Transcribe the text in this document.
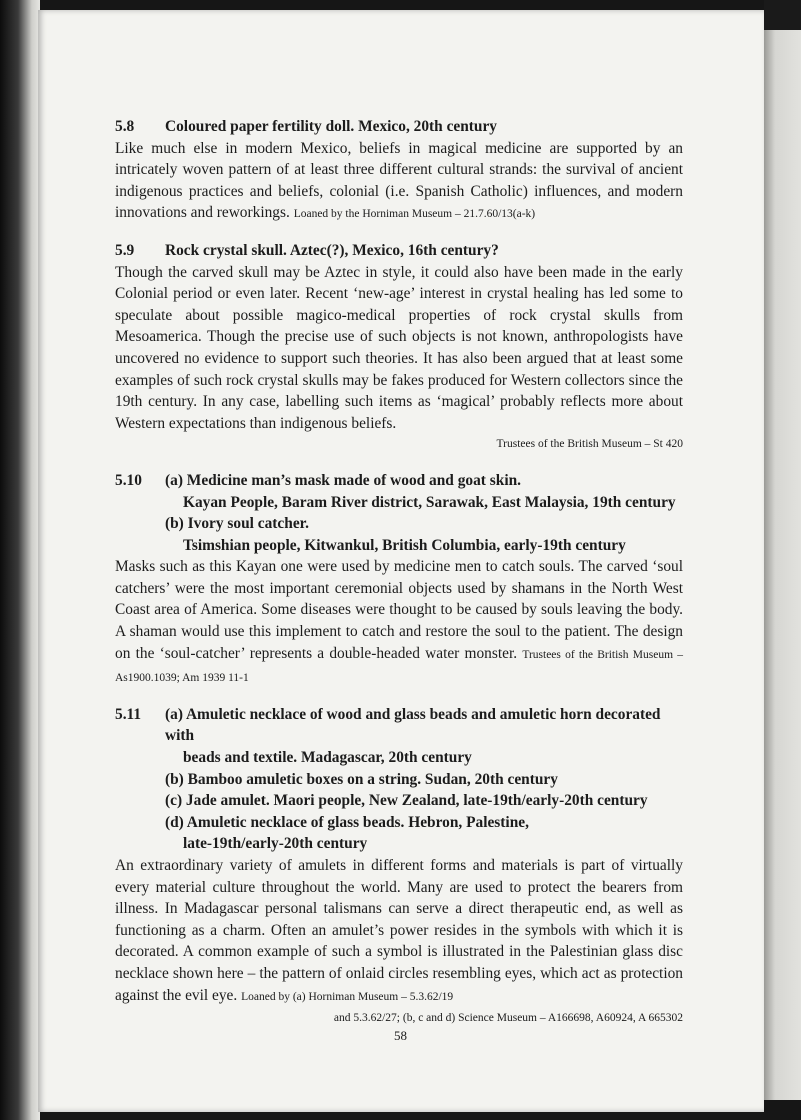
5.8	Coloured paper fertility doll. Mexico, 20th century
Like much else in modern Mexico, beliefs in magical medicine are supported by an intricately woven pattern of at least three different cultural strands: the survival of ancient indigenous practices and beliefs, colonial (i.e. Spanish Catholic) influences, and modern innovations and reworkings. Loaned by the Horniman Museum – 21.7.60/13(a-k)
5.9	Rock crystal skull. Aztec(?), Mexico, 16th century?
Though the carved skull may be Aztec in style, it could also have been made in the early Colonial period or even later. Recent ‘new-age’ interest in crystal healing has led some to speculate about possible magico-medical properties of rock crystal skulls from Mesoamerica. Though the precise use of such objects is not known, anthropologists have uncovered no evidence to support such theories. It has also been argued that at least some examples of such rock crystal skulls may be fakes produced for Western collectors since the 19th century. In any case, labelling such items as ‘magical’ probably reflects more about Western expectations than indigenous beliefs.
Trustees of the British Museum – St 420
5.10	(a) Medicine man’s mask made of wood and goat skin.
Kayan People, Baram River district, Sarawak, East Malaysia, 19th century
(b) Ivory soul catcher.
Tsimshian people, Kitwankul, British Columbia, early-19th century
Masks such as this Kayan one were used by medicine men to catch souls. The carved ‘soul catchers’ were the most important ceremonial objects used by shamans in the North West Coast area of America. Some diseases were thought to be caused by souls leaving the body. A shaman would use this implement to catch and restore the soul to the patient. The design on the ‘soul-catcher’ represents a double-headed water monster. Trustees of the British Museum – As1900.1039; Am 1939 11-1
5.11	(a) Amuletic necklace of wood and glass beads and amuletic horn decorated with
beads and textile. Madagascar, 20th century
(b) Bamboo amuletic boxes on a string. Sudan, 20th century
(c) Jade amulet. Maori people, New Zealand, late-19th/early-20th century
(d) Amuletic necklace of glass beads. Hebron, Palestine,
late-19th/early-20th century
An extraordinary variety of amulets in different forms and materials is part of virtually every material culture throughout the world. Many are used to protect the bearers from illness. In Madagascar personal talismans can serve a direct therapeutic end, as well as functioning as a charm. Often an amulet’s power resides in the symbols with which it is decorated. A common example of such a symbol is illustrated in the Palestinian glass disc necklace shown here – the pattern of onlaid circles resembling eyes, which act as protection against the evil eye. Loaned by (a) Horniman Museum – 5.3.62/19
and 5.3.62/27; (b, c and d) Science Museum – A166698, A60924, A 665302
58
